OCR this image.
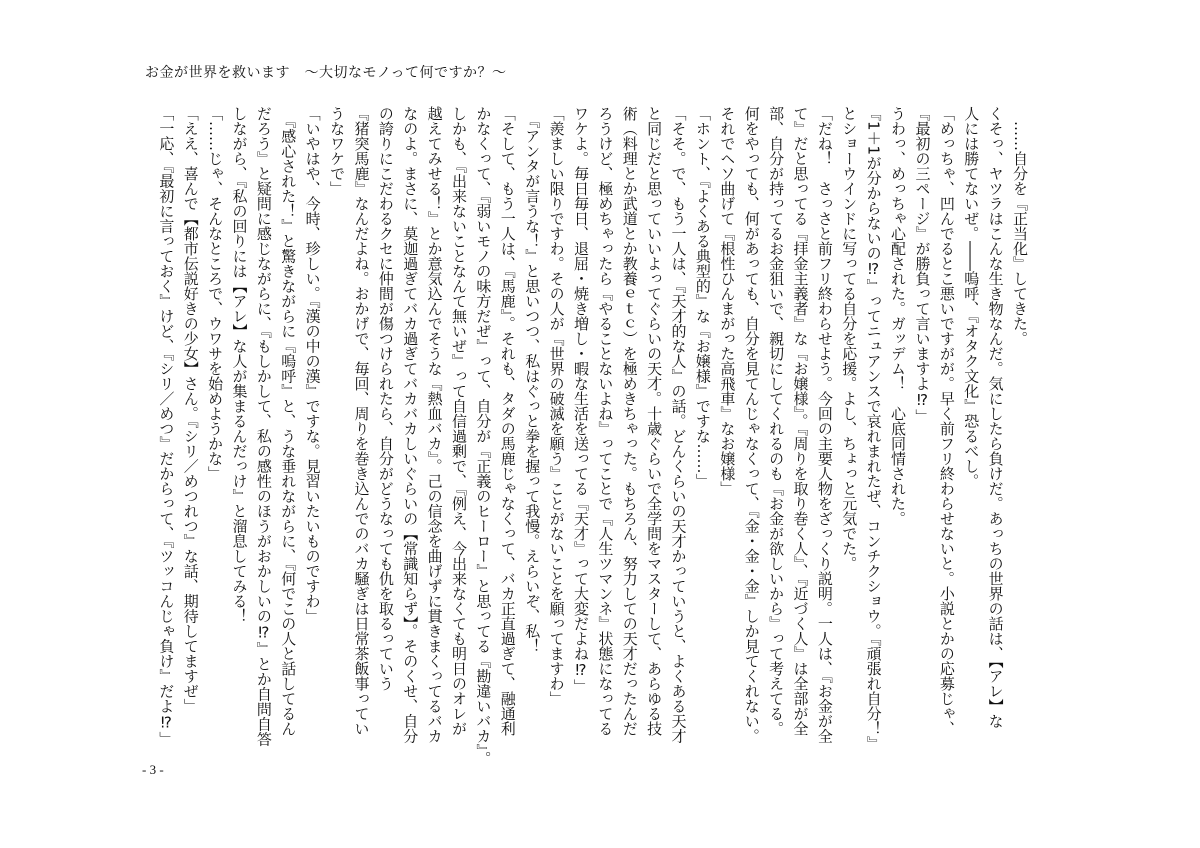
お金が世界を救います　～大切なモノって何ですか？～
　……自分を『正当化』してきた。
くそっ、ヤツラはこんな生き物なんだ。気にしたら負けだ。あっちの世界の話は、【アレ】な
人には勝てないぜ。――嗚呼、『オタク文化』恐るべし。
「めっちゃ、凹んでるとこ悪いですがが。早く前フリ終わらせないと。小説とかの応募じゃ、
『最初の三ページ』が勝負って言いますよ⁉」
うわっ、めっちゃ心配された。ガッデム！　心底同情された。
『1＋1が分からないの⁉』ってニュアンスで哀れまれたぜ、コンチクショウ。『頑張れ自分！』
とショーウインドに写ってる自分を応援。よし、ちょっと元気でた。
「だね！　さっさと前フリ終わらせよう。今回の主要人物をざっくり説明。一人は、『お金が全
て』だと思ってる『拝金主義者』な『お嬢様』。『周りを取り巻く人』、『近づく人』は全部が全
部、自分が持ってるお金狙いで、親切にしてくれるのも『お金が欲しいから』って考えてる。
何をやっても、何があっても、自分を見てんじゃなくって、『金・金・金』しか見てくれない。
それでヘソ曲げて『根性ひんまがった高飛車』なお嬢様」
「ホント、『よくある典型的』な『お嬢様』ですな……」
「そそ。で、もう一人は、『天才的な人』の話。どんくらいの天才かっていうと、よくある天才
と同じだと思っていいよってぐらいの天才。十歳ぐらいで全学問をマスターして、あらゆる技
術（料理とか武道とか教養ｅｔｃ）を極めきちゃった。もちろん、努力しての天才だったんだ
ろうけど、極めちゃったら『やることないよね』ってことで『人生ツマンネ』状態になってる
ワケよ。毎日毎日、退屈・焼き増し・暇な生活を送ってる『天才』って大変だよね⁉」
「羨ましい限りですわ。その人が『世界の破滅を願う』ことがないことを願ってますわ」
　『アンタが言うな！』と思いつつ、私はぐっと拳を握って我慢。えらいぞ、私！
「そして、もう一人は、『馬鹿』。それも、タダの馬鹿じゃなくって、バカ正直過ぎて、融通利
かなくって、『弱いモノの味方だぜ』って、自分が『正義のヒーロー』と思ってる『勘違いバカ』。
しかも、『出来ないことなんて無いぜ』って自信過剰で、『例え、今出来なくても明日のオレが
越えてみせる！』とか意気込んでそうな『熱血バカ』。己の信念を曲げずに貫きまくってるバカ
なのよ。まさに、莫迦過ぎてバカ過ぎてバカバカしいぐらいの【常識知らず】。そのくせ、自分
の誇りにこだわるクセに仲間が傷つけられたら、自分がどうなっても仇を取るっていう
『猪突馬鹿』なんだよね。おかげで、毎回、周りを巻き込んでのバカ騒ぎは日常茶飯事ってい
うなワケで」
「いやはや、今時、珍しい。『漢の中の漢』ですな。見習いたいものですわ」
　『感心された！』と驚きながらに『嗚呼』と、うな垂れながらに、『何でこの人と話してるん
だろう』と疑問に感じながらに、『もしかして、私の感性のほうがおかしいの⁉』とか自問自答
しながら、『私の回りには【アレ】な人が集まるんだっけ』と溜息してみる！
「……じゃ、そんなところで、ウワサを始めようかな」
「ええ、喜んで【都市伝説好きの少女】さん。『シリ／めつれつ』な話、期待してますぜ」
「一応、『最初に言っておく』けど、『シリ／めつ』だからって、『ツッコんじゃ負け』だよ⁉」
- 3 -
